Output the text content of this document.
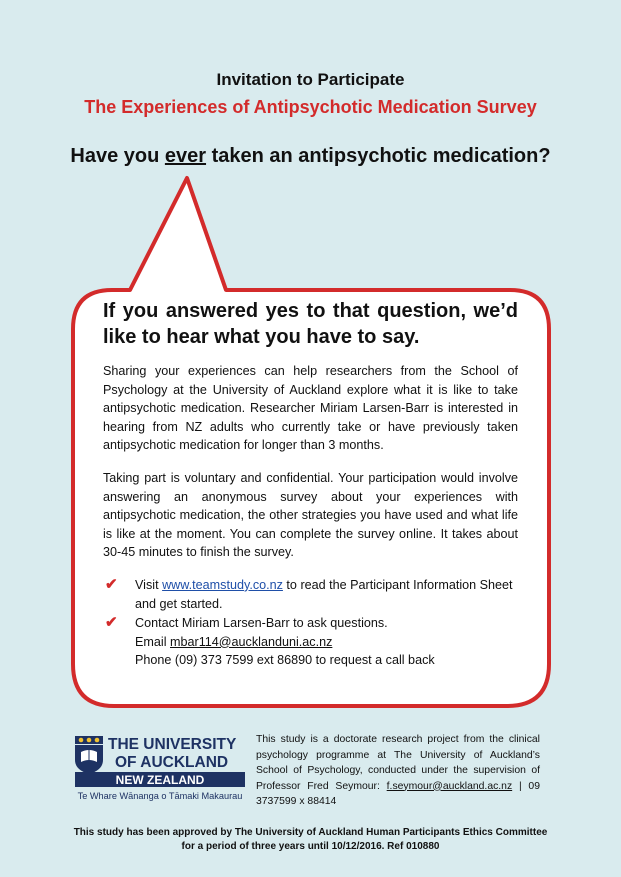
Invitation to Participate
The Experiences of Antipsychotic Medication Survey
Have you ever taken an antipsychotic medication?

If you answered yes to that question, we’d like to hear what you have to say.

Sharing your experiences can help researchers from the School of Psychology at the University of Auckland explore what it is like to take antipsychotic medication. Researcher Miriam Larsen-Barr is interested in hearing from NZ adults who currently take or have previously taken antipsychotic medication for longer than 3 months.

Taking part is voluntary and confidential. Your participation would involve answering an anonymous survey about your experiences with antipsychotic medication, the other strategies you have used and what life is like at the moment. You can complete the survey online. It takes about 30-45 minutes to finish the survey.

✔ Visit www.teamstudy.co.nz to read the Participant Information Sheet and get started.
✔ Contact Miriam Larsen-Barr to ask questions.
Email mbar114@aucklanduni.ac.nz
Phone (09) 373 7599 ext 86890 to request a call back
THE UNIVERSITY
OF AUCKLAND
NEW ZEALAND
Te Whare Wānanga o Tāmaki Makaurau
This study is a doctorate research project from the clinical psychology programme at The University of Auckland’s School of Psychology, conducted under the supervision of Professor Fred Seymour: f.seymour@auckland.ac.nz | 09 3737599 x 88414
This study has been approved by The University of Auckland Human Participants Ethics Committee
for a period of three years until 10/12/2016. Ref 010880
